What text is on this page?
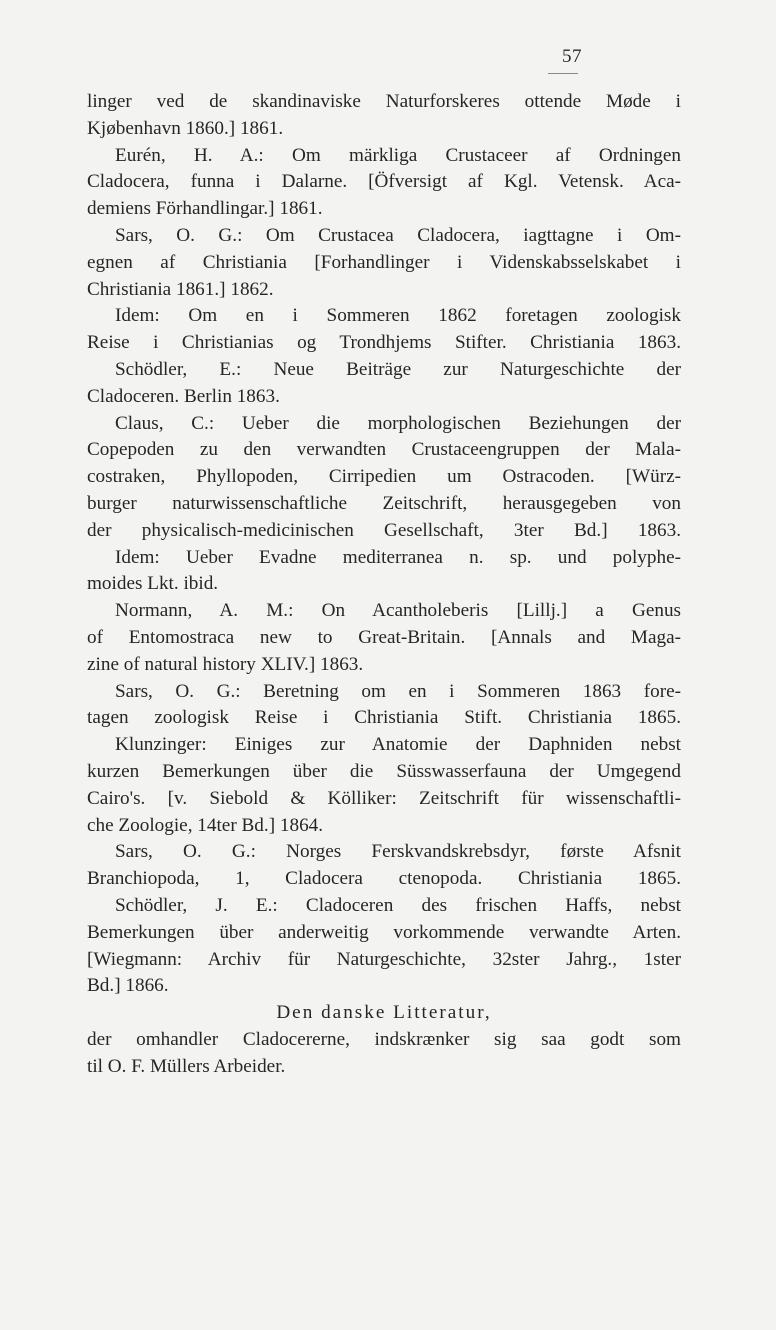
57
linger ved de skandinaviske Naturforskeres ottende Møde i
Kjøbenhavn 1860.] 1861.
Eurén, H. A.: Om märkliga Crustaceer af Ordningen
Cladocera, funna i Dalarne. [Öfversigt af Kgl. Vetensk. Aca-
demiens Förhandlingar.] 1861.
Sars, O. G.: Om Crustacea Cladocera, iagttagne i Om-
egnen af Christiania [Forhandlinger i Videnskabsselskabet i
Christiania 1861.] 1862.
Idem: Om en i Sommeren 1862 foretagen zoologisk
Reise i Christianias og Trondhjems Stifter. Christiania 1863.
Schödler, E.: Neue Beiträge zur Naturgeschichte der
Cladoceren. Berlin 1863.
Claus, C.: Ueber die morphologischen Beziehungen der
Copepoden zu den verwandten Crustaceengruppen der Mala-
costraken, Phyllopoden, Cirripedien um Ostracoden. [Würz-
burger naturwissenschaftliche Zeitschrift, herausgegeben von
der physicalisch-medicinischen Gesellschaft, 3ter Bd.] 1863.
Idem: Ueber Evadne mediterranea n. sp. und polyphe-
moides Lkt. ibid.
Normann, A. M.: On Acantholeberis [Lillj.] a Genus
of Entomostraca new to Great-Britain. [Annals and Maga-
zine of natural history XLIV.] 1863.
Sars, O. G.: Beretning om en i Sommeren 1863 fore-
tagen zoologisk Reise i Christiania Stift. Christiania 1865.
Klunzinger: Einiges zur Anatomie der Daphniden nebst
kurzen Bemerkungen über die Süsswasserfauna der Umgegend
Cairo's. [v. Siebold & Kölliker: Zeitschrift für wissenschaftli-
che Zoologie, 14ter Bd.] 1864.
Sars, O. G.: Norges Ferskvandskrebsdyr, første Afsnit
Branchiopoda, 1, Cladocera ctenopoda. Christiania 1865.
Schödler, J. E.: Cladoceren des frischen Haffs, nebst
Bemerkungen über anderweitig vorkommende verwandte Arten.
[Wiegmann: Archiv für Naturgeschichte, 32ster Jahrg., 1ster
Bd.] 1866.
Den danske Litteratur,
der omhandler Cladocererne, indskrænker sig saa godt som
til O. F. Müllers Arbeider.
